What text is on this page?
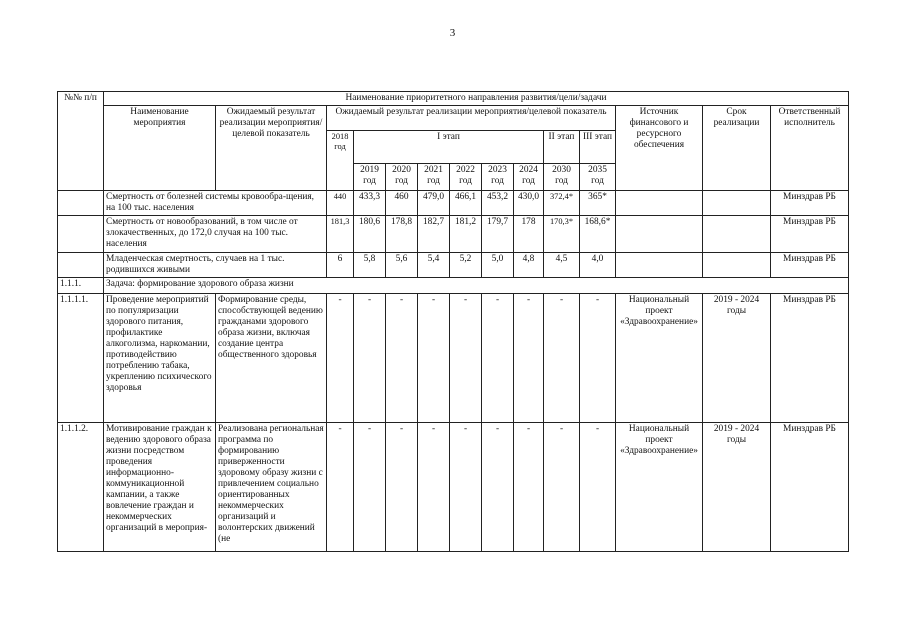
3
№№ п/п	Наименование приоритетного направления развития/цели/задачи													
	Наименование мероприятия	Ожидаемый результат реализации мероприятия/целевой показатель	Ожидаемый результат реализации мероприятия/целевой показатель									Источник финансового и ресурсного обеспечения	Срок реализации	Ответственный исполнитель
			2018 год	I этап						II этап	III этап			
				2019 год	2020 год	2021 год	2022 год	2023 год	2024 год	2030 год	2035 год			
	Смертность от болезней системы кровообра-щения, на 100 тыс. населения		440	433,3	460	479,0	466,1	453,2	430,0	372,4*	365*			Минздрав РБ
	Смертность от новообразований, в том числе от злокачественных, до 172,0 случая на 100 тыс. населения		181,3	180,6	178,8	182,7	181,2	179,7	178	170,3*	168,6*			Минздрав РБ
	Младенческая смертность, случаев на 1 тыс. родившихся живыми		6	5,8	5,6	5,4	5,2	5,0	4,8	4,5	4,0			Минздрав РБ
1.1.1.	Задача: формирование здорового образа жизни													
1.1.1.1.	Проведение мероприятий по популяризации здорового питания, профилактике алкоголизма, наркомании, противодействию потреблению табака, укреплению психического здоровья	Формирование среды, способствующей ведению гражданами здорового образа жизни, включая создание центра общественного здоровья	-	-	-	-	-	-	-	-	-	Национальный проект «Здравоохранение»	2019 - 2024 годы	Минздрав РБ
1.1.1.2.	Мотивирование граждан к ведению здорового образа жизни посредством проведения информационно-коммуникационной кампании, а также вовлечение граждан и некоммерческих организаций в мероприя-	Реализована региональная программа по формированию приверженности здоровому образу жизни с привлечением социально ориентированных некоммерческих организаций и волонтерских движений (не	-	-	-	-	-	-	-	-	-	Национальный проект «Здравоохранение»	2019 - 2024 годы	Минздрав РБ
